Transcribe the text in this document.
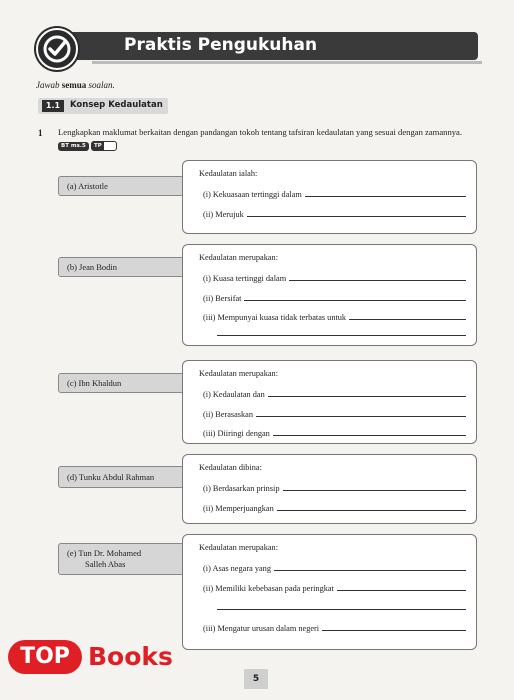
Praktis Pengukuhan
Jawab semua soalan.
1.1	Konsep Kedaulatan
1 Lengkapkan maklumat berkaitan dengan pandangan tokoh tentang tafsiran kedaulatan yang sesuai dengan zamannya. BT ms.5 TP
(a) Aristotle
Kedaulatan ialah:
(i) Kekuasaan tertinggi dalam
(ii) Merujuk
(b) Jean Bodin
Kedaulatan merupakan:
(i) Kuasa tertinggi dalam
(ii) Bersifat
(iii) Mempunyai kuasa tidak terbatas untuk
(c) Ibn Khaldun
Kedaulatan merupakan:
(i) Kedaulatan dan
(ii) Berasaskan
(iii) Diiringi dengan
(d) Tunku Abdul Rahman
Kedaulatan dibina:
(i) Berdasarkan prinsip
(ii) Memperjuangkan
(e) Tun Dr. Mohamed
Salleh Abas
Kedaulatan merupakan:
(i) Asas negara yang
(ii) Memiliki kebebasan pada peringkat
(iii) Mengatur urusan dalam negeri
5
TOP Books
